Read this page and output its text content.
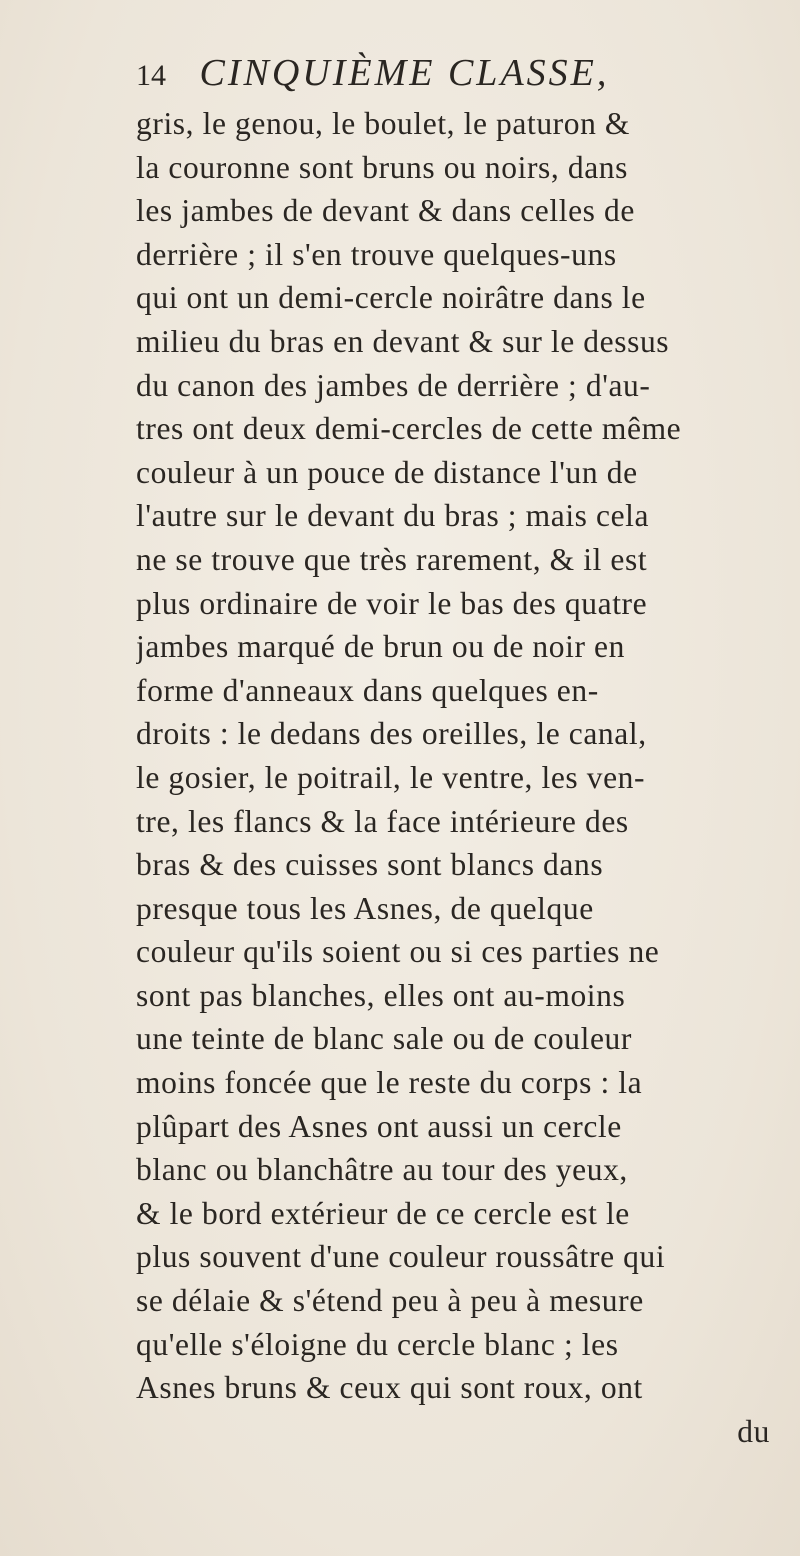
14 CINQUIÈME CLASSE,
gris, le genou, le boulet, le paturon &
la couronne sont bruns ou noirs, dans
les jambes de devant & dans celles de
derrière ; il s'en trouve quelques-uns
qui ont un demi-cercle noirâtre dans le
milieu du bras en devant & sur le dessus
du canon des jambes de derrière ; d'au-
tres ont deux demi-cercles de cette même
couleur à un pouce de distance l'un de
l'autre sur le devant du bras ; mais cela
ne se trouve que très rarement, & il est
plus ordinaire de voir le bas des quatre
jambes marqué de brun ou de noir en
forme d'anneaux dans quelques en-
droits : le dedans des oreilles, le canal,
le gosier, le poitrail, le ventre, les ven-
tre, les flancs & la face intérieure des
bras & des cuisses sont blancs dans
presque tous les Asnes, de quelque
couleur qu'ils soient ou si ces parties ne
sont pas blanches, elles ont au-moins
une teinte de blanc sale ou de couleur
moins foncée que le reste du corps : la
plûpart des Asnes ont aussi un cercle
blanc ou blanchâtre au tour des yeux,
& le bord extérieur de ce cercle est le
plus souvent d'une couleur roussâtre qui
se délaie & s'étend peu à peu à mesure
qu'elle s'éloigne du cercle blanc ; les
Asnes bruns & ceux qui sont roux, ont
du
